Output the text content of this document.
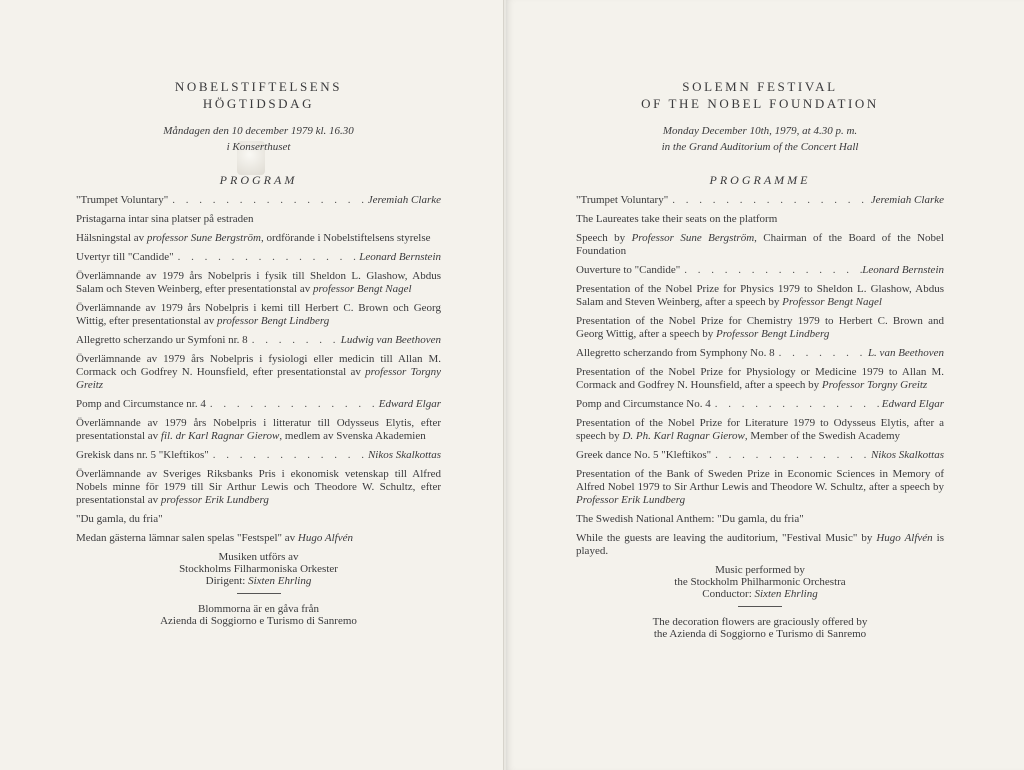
NOBELSTIFTELSENS

HÖGTIDSDAG

Måndagen den 10 december 1979 kl. 16.30
i Konserthuset
PROGRAM
"Trumpet Voluntary" . . .	Jeremiah Clarke
Pristagarna intar sina platser på estraden
Hälsningstal av professor Sune Bergström, ordförande i Nobelstiftelsens styrelse
Uvertyr till "Candide" . . .	Leonard Bernstein
Överlämnande av 1979 års Nobelpris i fysik till Sheldon L. Glashow, Abdus Salam och Steven Weinberg, efter presentationstal av professor Bengt Nagel
Överlämnande av 1979 års Nobelpris i kemi till Herbert C. Brown och Georg Wittig, efter presentationstal av professor Bengt Lindberg
Allegretto scherzando ur Symfoni nr. 8 . . .	Ludwig van Beethoven
Överlämnande av 1979 års Nobelpris i fysiologi eller medicin till Allan M. Cormack och Godfrey N. Hounsfield, efter presentationstal av professor Torgny Greitz
Pomp and Circumstance nr. 4 . . .	Edward Elgar
Överlämnande av 1979 års Nobelpris i litteratur till Odysseus Elytis, efter presentationstal av fil. dr Karl Ragnar Gierow, medlem av Svenska Akademien
Grekisk dans nr. 5 "Kleftikos" . . .	Nikos Skalkottas
Överlämnande av Sveriges Riksbanks Pris i ekonomisk vetenskap till Alfred Nobels minne för 1979 till Sir Arthur Lewis och Theodore W. Schultz, efter presentationstal av professor Erik Lundberg
"Du gamla, du fria"
Medan gästerna lämnar salen spelas "Festspel" av Hugo Alfvén
Musiken utförs av
Stockholms Filharmoniska Orkester
Dirigent: Sixten Ehrling
Blommorna är en gåva från
Azienda di Soggiorno e Turismo di Sanremo

SOLEMN FESTIVAL

OF THE NOBEL FOUNDATION

Monday December 10th, 1979, at 4.30 p. m.
in the Grand Auditorium of the Concert Hall
PROGRAMME
"Trumpet Voluntary" . . .	Jeremiah Clarke
The Laureates take their seats on the platform
Speech by Professor Sune Bergström, Chairman of the Board of the Nobel Foundation
Ouverture to "Candide" . . .	Leonard Bernstein
Presentation of the Nobel Prize for Physics 1979 to Sheldon L. Glashow, Abdus Salam and Steven Weinberg, after a speech by Professor Bengt Nagel
Presentation of the Nobel Prize for Chemistry 1979 to Herbert C. Brown and Georg Wittig, after a speech by Professor Bengt Lindberg
Allegretto scherzando from Symphony No. 8 . . .	L. van Beethoven
Presentation of the Nobel Prize for Physiology or Medicine 1979 to Allan M. Cormack and Godfrey N. Hounsfield, after a speech by Professor Torgny Greitz
Pomp and Circumstance No. 4 . . .	Edward Elgar
Presentation of the Nobel Prize for Literature 1979 to Odysseus Elytis, after a speech by D. Ph. Karl Ragnar Gierow, Member of the Swedish Academy
Greek dance No. 5 "Kleftikos" . . .	Nikos Skalkottas
Presentation of the Bank of Sweden Prize in Economic Sciences in Memory of Alfred Nobel 1979 to Sir Arthur Lewis and Theodore W. Schultz, after a speech by Professor Erik Lundberg
The Swedish National Anthem: "Du gamla, du fria"
While the guests are leaving the auditorium, "Festival Music" by Hugo Alfvén is played.
Music performed by
the Stockholm Philharmonic Orchestra
Conductor: Sixten Ehrling
The decoration flowers are graciously offered by
the Azienda di Soggiorno e Turismo di Sanremo
